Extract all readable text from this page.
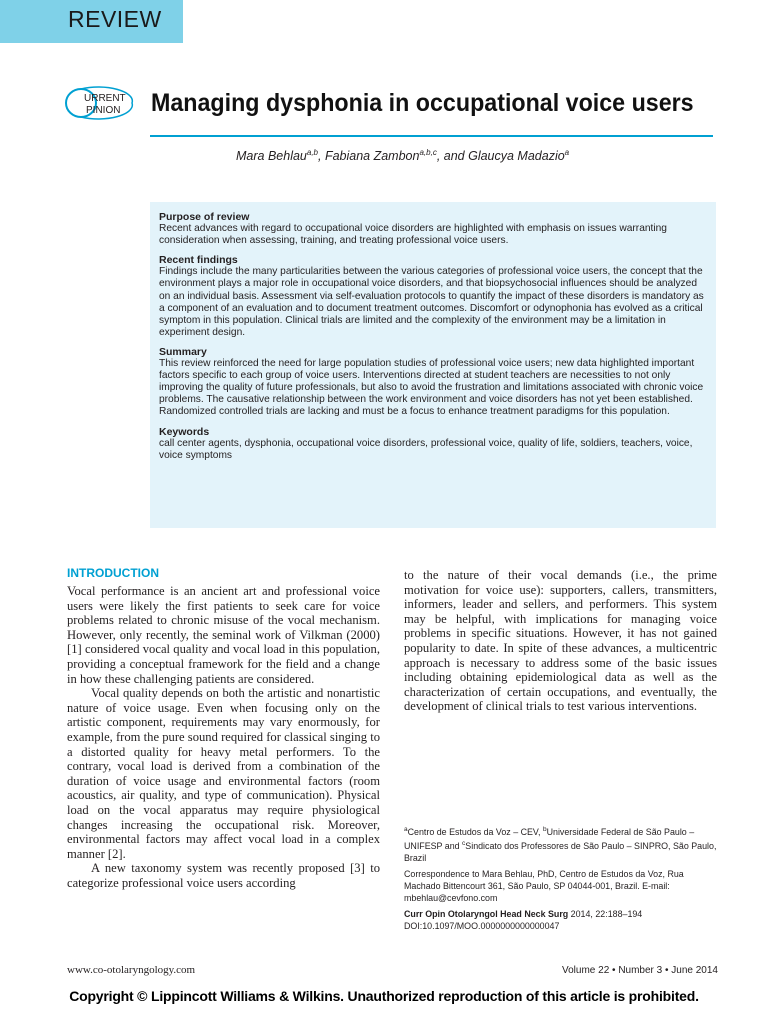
REVIEW
URRENT
PINION Managing dysphonia in occupational voice users
Mara Behlau$^{a,b}$, Fabiana Zambon$^{a,b,c}$, and Glaucya Madazio$^a$

Purpose of review

Recent advances with regard to occupational voice disorders are highlighted with emphasis on issues warranting consideration when assessing, training, and treating professional voice users.

Recent findings

Findings include the many particularities between the various categories of professional voice users, the concept that the environment plays a major role in occupational voice disorders, and that biopsychosocial influences should be analyzed on an individual basis. Assessment via self-evaluation protocols to quantify the impact of these disorders is mandatory as a component of an evaluation and to document treatment outcomes. Discomfort or odynophonia has evolved as a critical symptom in this population. Clinical trials are limited and the complexity of the environment may be a limitation in experiment design.

Summary

This review reinforced the need for large population studies of professional voice users; new data highlighted important factors specific to each group of voice users. Interventions directed at student teachers are necessities to not only improving the quality of future professionals, but also to avoid the frustration and limitations associated with chronic voice problems. The causative relationship between the work environment and voice disorders has not yet been established. Randomized controlled trials are lacking and must be a focus to enhance treatment paradigms for this population.

Keywords

call center agents, dysphonia, occupational voice disorders, professional voice, quality of life, soldiers, teachers, voice, voice symptoms

INTRODUCTION

Vocal performance is an ancient art and professional voice users were likely the first patients to seek care for voice problems related to chronic misuse of the vocal mechanism. However, only recently, the seminal work of Vilkman (2000) [1] considered vocal quality and vocal load in this population, providing a conceptual framework for the field and a change in how these challenging patients are considered.

Vocal quality depends on both the artistic and nonartistic nature of voice usage. Even when focusing only on the artistic component, requirements may vary enormously, for example, from the pure sound required for classical singing to a distorted quality for heavy metal performers. To the contrary, vocal load is derived from a combination of the duration of voice usage and environmental factors (room acoustics, air quality, and type of communication). Physical load on the vocal apparatus may require physiological changes increasing the occupational risk. Moreover, environmental factors may affect vocal load in a complex manner [2].

A new taxonomy system was recently proposed [3] to categorize professional voice users according

to the nature of their vocal demands (i.e., the prime motivation for voice use): supporters, callers, transmitters, informers, leader and sellers, and performers. This system may be helpful, with implications for managing voice problems in specific situations. However, it has not gained popularity to date. In spite of these advances, a multicentric approach is necessary to address some of the basic issues including obtaining epidemiological data as well as the characterization of certain occupations, and eventually, the development of clinical trials to test various interventions.

$^a$Centro de Estudos da Voz – CEV, $^b$Universidade Federal de São Paulo – UNIFESP and $^c$Sindicato dos Professores de São Paulo – SINPRO, São Paulo, Brazil

Correspondence to Mara Behlau, PhD, Centro de Estudos da Voz, Rua Machado Bittencourt 361, São Paulo, SP 04044-001, Brazil. E-mail: mbehlau@cevfono.com

Curr Opin Otolaryngol Head Neck Surg 2014, 22:188–194

DOI:10.1097/MOO.0000000000000047

www.co-otolaryngology.com	Volume 22 • Number 3 • June 2014
Copyright © Lippincott Williams & Wilkins. Unauthorized reproduction of this article is prohibited.
